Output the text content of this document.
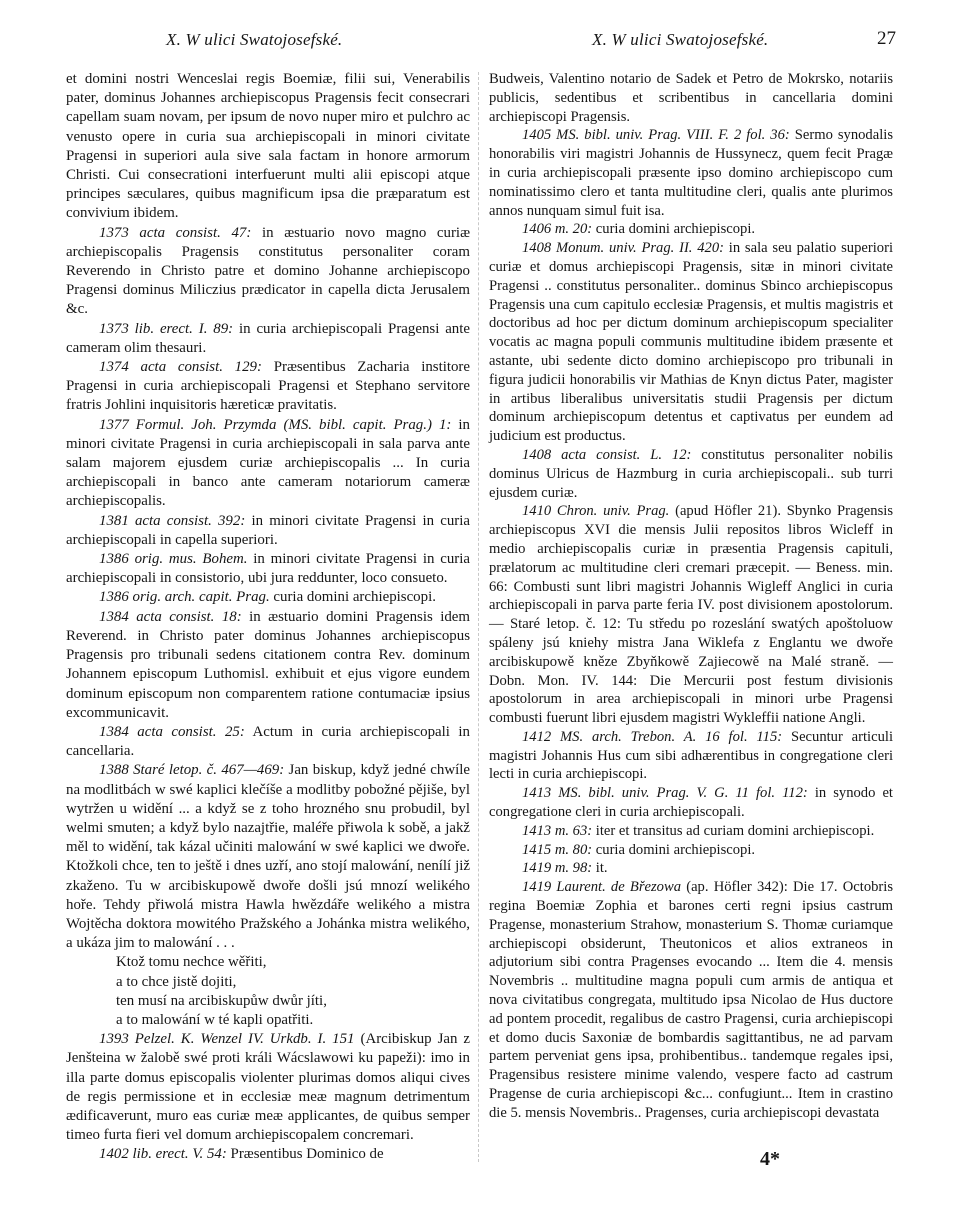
X. W ulici Swatojosefské.	X. W ulici Swatojosefské.	27

et domini nostri Wenceslai regis Boemiæ, filii sui, Venerabilis pater, dominus Johannes archiepiscopus Pragensis fecit consecrari capellam suam novam, per ipsum de novo nuper miro et pulchro ac venusto opere in curia sua archiepiscopali in minori civitate Pragensi in superiori aula sive sala factam in honore armorum Christi. Cui consecrationi interfuerunt multi alii episcopi atque principes sæculares, quibus magnificum ipsa die præparatum est convivium ibidem.

1373 acta consist. 47: in æstuario novo magno curiæ archiepiscopalis Pragensis constitutus personaliter coram Reverendo in Christo patre et domino Johanne archiepiscopo Pragensi dominus Miliczius prædicator in capella dicta Jerusalem &c.

1373 lib. erect. I. 89: in curia archiepiscopali Pragensi ante cameram olim thesauri.

1374 acta consist. 129: Præsentibus Zacharia institore Pragensi in curia archiepiscopali Pragensi et Stephano servitore fratris Johlini inquisitoris hæreticæ pravitatis.

1377 Formul. Joh. Przymda (MS. bibl. capit. Prag.) 1: in minori civitate Pragensi in curia archiepiscopali in sala parva ante salam majorem ejusdem curiæ archiepiscopalis ... In curia archiepiscopali in banco ante cameram notariorum cameræ archiepiscopalis.

1381 acta consist. 392: in minori civitate Pragensi in curia archiepiscopali in capella superiori.

1386 orig. mus. Bohem. in minori civitate Pragensi in curia archiepiscopali in consistorio, ubi jura reddunter, loco consueto.

1386 orig. arch. capit. Prag. curia domini archiepiscopi.

1384 acta consist. 18: in æstuario domini Pragensis idem Reverend. in Christo pater dominus Johannes archiepiscopus Pragensis pro tribunali sedens citationem contra Rev. dominum Johannem episcopum Luthomisl. exhibuit et ejus vigore eundem dominum episcopum non comparentem ratione contumaciæ ipsius excommunicavit.

1384 acta consist. 25: Actum in curia archiepiscopali in cancellaria.

1388 Staré letop. č. 467—469: Jan biskup, když jedné chwíle na modlitbách w swé kaplici klečíše a modlitby pobožné pějiše, byl wytržen u widění ... a když se z toho hrozného snu probudil, byl welmi smuten; a když bylo nazajtřie, maléře přiwola k sobě, a jakž měl to widění, tak kázal učiniti malowání w swé kaplici we dwoře. Ktožkoli chce, ten to ještě i dnes uzří, ano stojí malowání, nenílí již zkaženo. Tu w arcibiskupowě dwoře došli jsú mnozí welikého hoře. Tehdy přiwolá mistra Hawla hwězdáře welikého a mistra Wojtěcha doktora mowitého Pražského a Johánka mistra welikého, a ukáza jim to malowání . . .

Ktož tomu nechce wěřiti,

a to chce jistě dojiti,

ten musí na arcibiskupůw dwůr jíti,

a to malowání w té kapli opatřiti.

1393 Pelzel. K. Wenzel IV. Urkdb. I. 151 (Arcibiskup Jan z Jenšteina w žalobě swé proti králi Wácslawowi ku papeži): imo in illa parte domus episcopalis violenter plurimas domos aliqui cives de regis permissione et in ecclesiæ meæ magnum detrimentum ædificaverunt, muro eas curiæ meæ applicantes, de quibus semper timeo furta fieri vel domum archiepiscopalem concremari.

1402 lib. erect. V. 54: Præsentibus Dominico de

Budweis, Valentino notario de Sadek et Petro de Mokrsko, notariis publicis, sedentibus et scribentibus in cancellaria domini archiepiscopi Pragensis.

1405 MS. bibl. univ. Prag. VIII. F. 2 fol. 36: Sermo synodalis honorabilis viri magistri Johannis de Hussynecz, quem fecit Pragæ in curia archiepiscopali præsente ipso domino archiepiscopo cum nominatissimo clero et tanta multitudine cleri, qualis ante plurimos annos nunquam simul fuit isa.

1406 m. 20: curia domini archiepiscopi.

1408 Monum. univ. Prag. II. 420: in sala seu palatio superiori curiæ et domus archiepiscopi Pragensis, sitæ in minori civitate Pragensi .. constitutus personaliter.. dominus Sbinco archiepiscopus Pragensis una cum capitulo ecclesiæ Pragensis, et multis magistris et doctoribus ad hoc per dictum dominum archiepiscopum specialiter vocatis ac magna populi communis multitudine ibidem præsente et astante, ubi sedente dicto domino archiepiscopo pro tribunali in figura judicii honorabilis vir Mathias de Knyn dictus Pater, magister in artibus liberalibus universitatis studii Pragensis per dictum dominum archiepiscopum detentus et captivatus per eundem ad judicium est productus.

1408 acta consist. L. 12: constitutus personaliter nobilis dominus Ulricus de Hazmburg in curia archiepiscopali.. sub turri ejusdem curiæ.

1410 Chron. univ. Prag. (apud Höfler 21). Sbynko Pragensis archiepiscopus XVI die mensis Julii repositos libros Wicleff in medio archiepiscopalis curiæ in præsentia Pragensis capituli, prælatorum ac multitudine cleri cremari præcepit. — Beness. min. 66: Combusti sunt libri magistri Johannis Wigleff Anglici in curia archiepiscopali in parva parte feria IV. post divisionem apostolorum. — Staré letop. č. 12: Tu středu po rozeslání swatých apoštoluow spáleny jsú kniehy mistra Jana Wiklefa z Englantu we dwoře arcibiskupowě kněze Zbyňkowě Zajiecowě na Malé straně. — Dobn. Mon. IV. 144: Die Mercurii post festum divisionis apostolorum in area archiepiscopali in minori urbe Pragensi combusti fuerunt libri ejusdem magistri Wykleffii natione Angli.

1412 MS. arch. Trebon. A. 16 fol. 115: Secuntur articuli magistri Johannis Hus cum sibi adhærentibus in congregatione cleri lecti in curia archiepiscopi.

1413 MS. bibl. univ. Prag. V. G. 11 fol. 112: in synodo et congregatione cleri in curia archiepiscopali.

1413 m. 63: iter et transitus ad curiam domini archiepiscopi.

1415 m. 80: curia domini archiepiscopi.

1419 m. 98: it.

1419 Laurent. de Březowa (ap. Höfler 342): Die 17. Octobris regina Boemiæ Zophia et barones certi regni ipsius castrum Pragense, monasterium Strahow, monasterium S. Thomæ curiamque archiepiscopi obsiderunt, Theutonicos et alios extraneos in adjutorium sibi contra Pragenses evocando ... Item die 4. mensis Novembris .. multitudine magna populi cum armis de antiqua et nova civitatibus congregata, multitudo ipsa Nicolao de Hus ductore ad pontem procedit, regalibus de castro Pragensi, curia archiepiscopi et domo ducis Saxoniæ de bombardis sagittantibus, ne ad parvam partem perveniat gens ipsa, prohibentibus.. tandemque regales ipsi, Pragensibus resistere minime valendo, vespere facto ad castrum Pragense de curia archiepiscopi &c... confugiunt... Item in crastino die 5. mensis Novembris.. Pragenses, curia archiepiscopi devastata

4*
